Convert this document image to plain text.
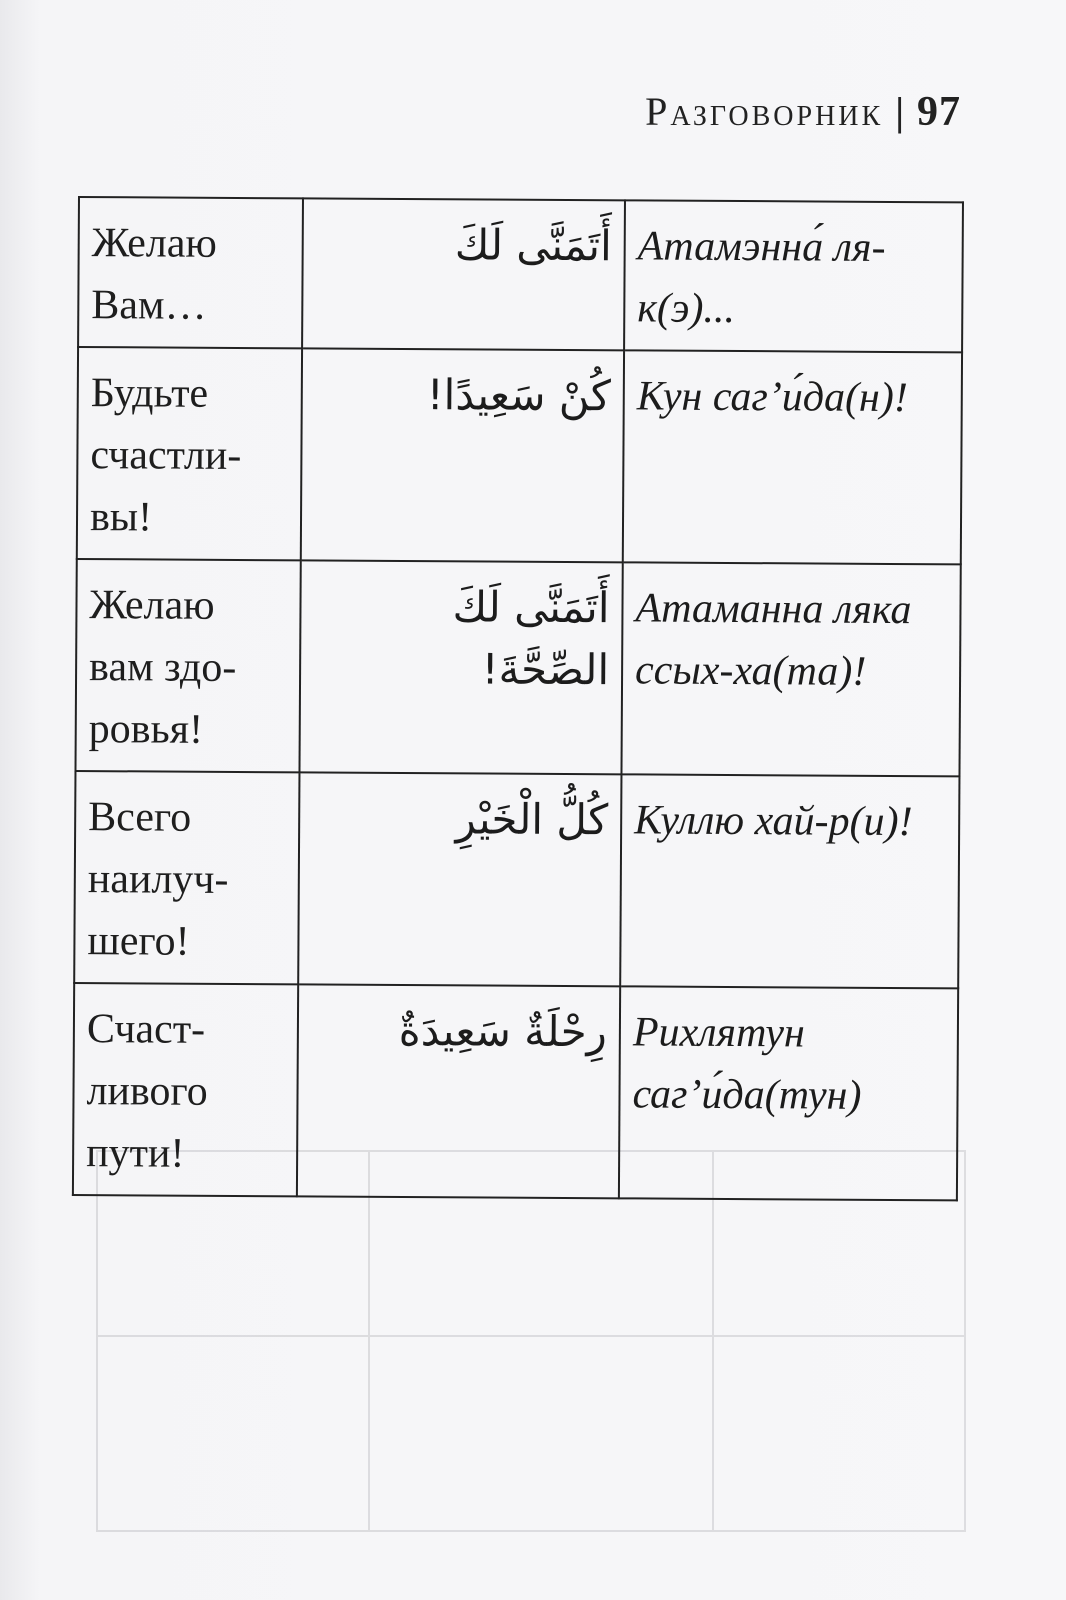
Разговорник | 97
Желаю Вам…	أَتَمَنَّى لَكَ	Атамэнна́ ля-к(э)...
Будьте счастли-вы!	كُنْ سَعِيدًا!	Кун саг’и́да(н)!
Желаю вам здо-ровья!	أَتَمَنَّى لَكَ الصِّحَّةَ!	Атаманна ляка ссых-ха(та)!
Всего наилуч-шего!	كُلُّ الْخَيْرِ	Куллю хай-р(и)!
Счаст-ливого пути!	رِحْلَةٌ سَعِيدَةٌ	Рихлятун саг’и́да(тун)
